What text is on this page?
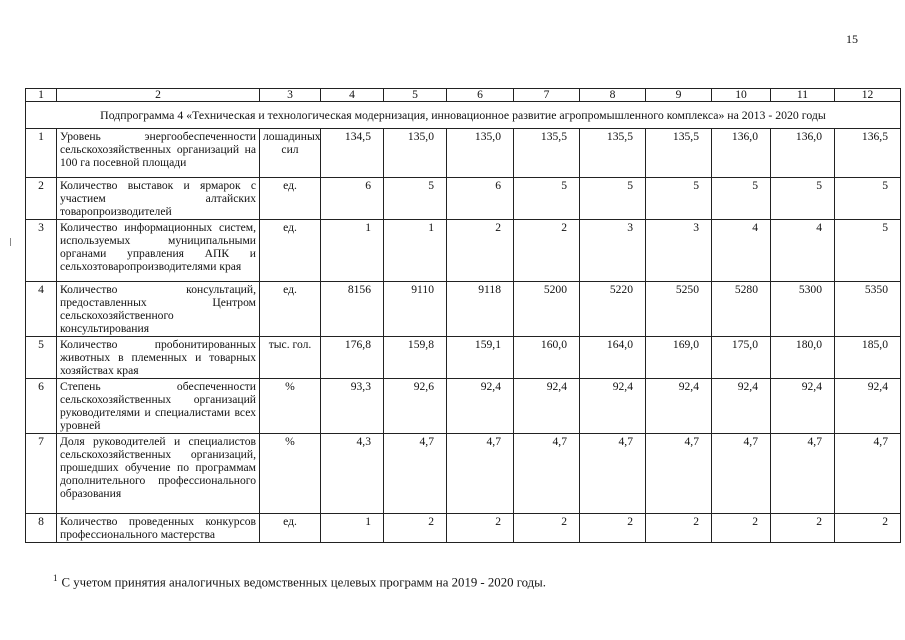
15
1	2	3	4	5	6	7	8	9	10	11	12
Подпрограмма 4 «Техническая и технологическая модернизация, инновационное развитие агропромышленного комплекса» на 2013 - 2020 годы											
1	Уровень энергообеспеченности сельскохозяйственных организаций на 100 га посевной площади	лошадиных сил	134,5	135,0	135,0	135,5	135,5	135,5	136,0	136,0	136,5
2	Количество выставок и ярмарок с участием алтайских товаропроизводителей	ед.	6	5	6	5	5	5	5	5	5
3	Количество информационных систем, используемых муниципальными органами управления АПК и сельхозтоваропроизводителями края	ед.	1	1	2	2	3	3	4	4	5
4	Количество консультаций, предоставленных Центром сельскохозяйственного консультирования	ед.	8156	9110	9118	5200	5220	5250	5280	5300	5350
5	Количество пробонитированных животных в племенных и товарных хозяйствах края	тыс. гол.	176,8	159,8	159,1	160,0	164,0	169,0	175,0	180,0	185,0
6	Степень обеспеченности сельскохозяйственных организаций руководителями и специалистами всех уровней	%	93,3	92,6	92,4	92,4	92,4	92,4	92,4	92,4	92,4
7	Доля руководителей и специалистов сельскохозяйственных организаций, прошедших обучение по программам дополнительного профессионального образования	%	4,3	4,7	4,7	4,7	4,7	4,7	4,7	4,7	4,7
8	Количество проведенных конкурсов профессионального мастерства	ед.	1	2	2	2	2	2	2	2	2
$^1$ С учетом принятия аналогичных ведомственных целевых программ на 2019 - 2020 годы.
